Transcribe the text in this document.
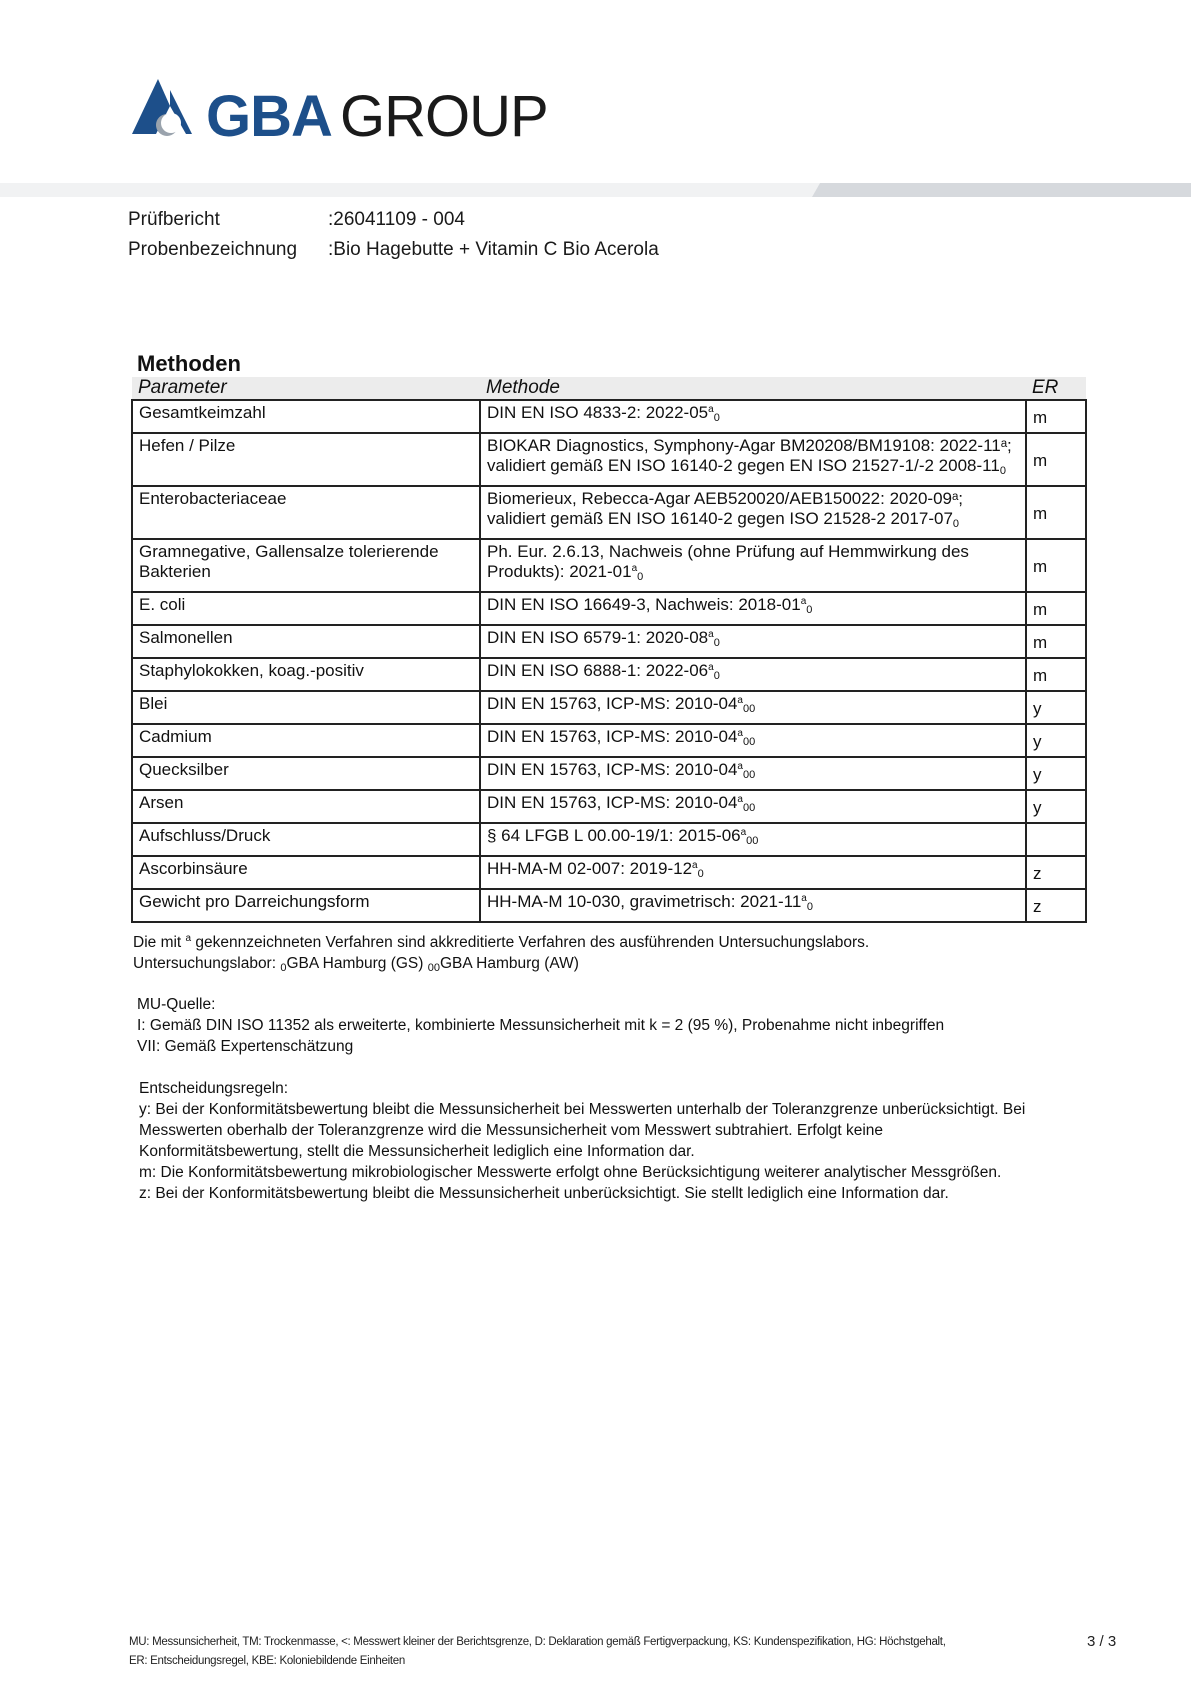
GBA GROUP
Prüfbericht	:26041109 - 004
Probenbezeichnung :Bio Hagebutte + Vitamin C Bio Acerola
Methoden
Parameter	Methode	ER
Gesamtkeimzahl	DIN EN ISO 4833-2: $2022-05^a_0$	m
Hefen / Pilze	BIOKAR Diagnostics, Symphony-Agar BM20208/BM19108: 2022-11ᵃ; validiert gemäß EN ISO 16140-2 gegen EN ISO 21527-1/-2 $2008-11_0$	m
Enterobacteriaceae	Biomerieux, Rebecca-Agar AEB520020/AEB150022: 2020-09ᵃ; validiert gemäß EN ISO 16140-2 gegen ISO 21528-2 $2017-07_0$	m
Gramnegative, Gallensalze tolerierende Bakterien	Ph. Eur. 2.6.13, Nachweis (ohne Prüfung auf Hemmwirkung des Produkts): $2021-01^a_0$	m
E. coli	DIN EN ISO 16649-3, Nachweis: $2018-01^a_0$	m
Salmonellen	DIN EN ISO 6579-1: $2020-08^a_0$	m
Staphylokokken, koag.-positiv	DIN EN ISO 6888-1: $2022-06^a_0$	m
Blei	DIN EN 15763, ICP-MS: $2010-04^a_{00}$	y
Cadmium	DIN EN 15763, ICP-MS: $2010-04^a_{00}$	y
Quecksilber	DIN EN 15763, ICP-MS: $2010-04^a_{00}$	y
Arsen	DIN EN 15763, ICP-MS: $2010-04^a_{00}$	y
Aufschluss/Druck	§ 64 LFGB L 00.00-19/1: $2015-06^a_{00}$	
Ascorbinsäure	HH-MA-M 02-007: $2019-12^a_0$	z
Gewicht pro Darreichungsform	HH-MA-M 10-030, gravimetrisch: $2021-11^a_0$	z
Die mit $^a$ gekennzeichneten Verfahren sind akkreditierte Verfahren des ausführenden Untersuchungslabors.
Untersuchungslabor: $_0$GBA Hamburg (GS) $_{00}$GBA Hamburg (AW)
MU-Quelle:
I: Gemäß DIN ISO 11352 als erweiterte, kombinierte Messunsicherheit mit k = 2 (95 %), Probenahme nicht inbegriffen
VII: Gemäß Expertenschätzung
Entscheidungsregeln:
y: Bei der Konformitätsbewertung bleibt die Messunsicherheit bei Messwerten unterhalb der Toleranzgrenze unberücksichtigt. Bei
Messwerten oberhalb der Toleranzgrenze wird die Messunsicherheit vom Messwert subtrahiert. Erfolgt keine
Konformitätsbewertung, stellt die Messunsicherheit lediglich eine Information dar.
m: Die Konformitätsbewertung mikrobiologischer Messwerte erfolgt ohne Berücksichtigung weiterer analytischer Messgrößen.
z: Bei der Konformitätsbewertung bleibt die Messunsicherheit unberücksichtigt. Sie stellt lediglich eine Information dar.
MU: Messunsicherheit, TM: Trockenmasse, <: Messwert kleiner der Berichtsgrenze, D: Deklaration gemäß Fertigverpackung, KS: Kundenspezifikation, HG: Höchstgehalt,
ER: Entscheidungsregel, KBE: Koloniebildende Einheiten
3 / 3
